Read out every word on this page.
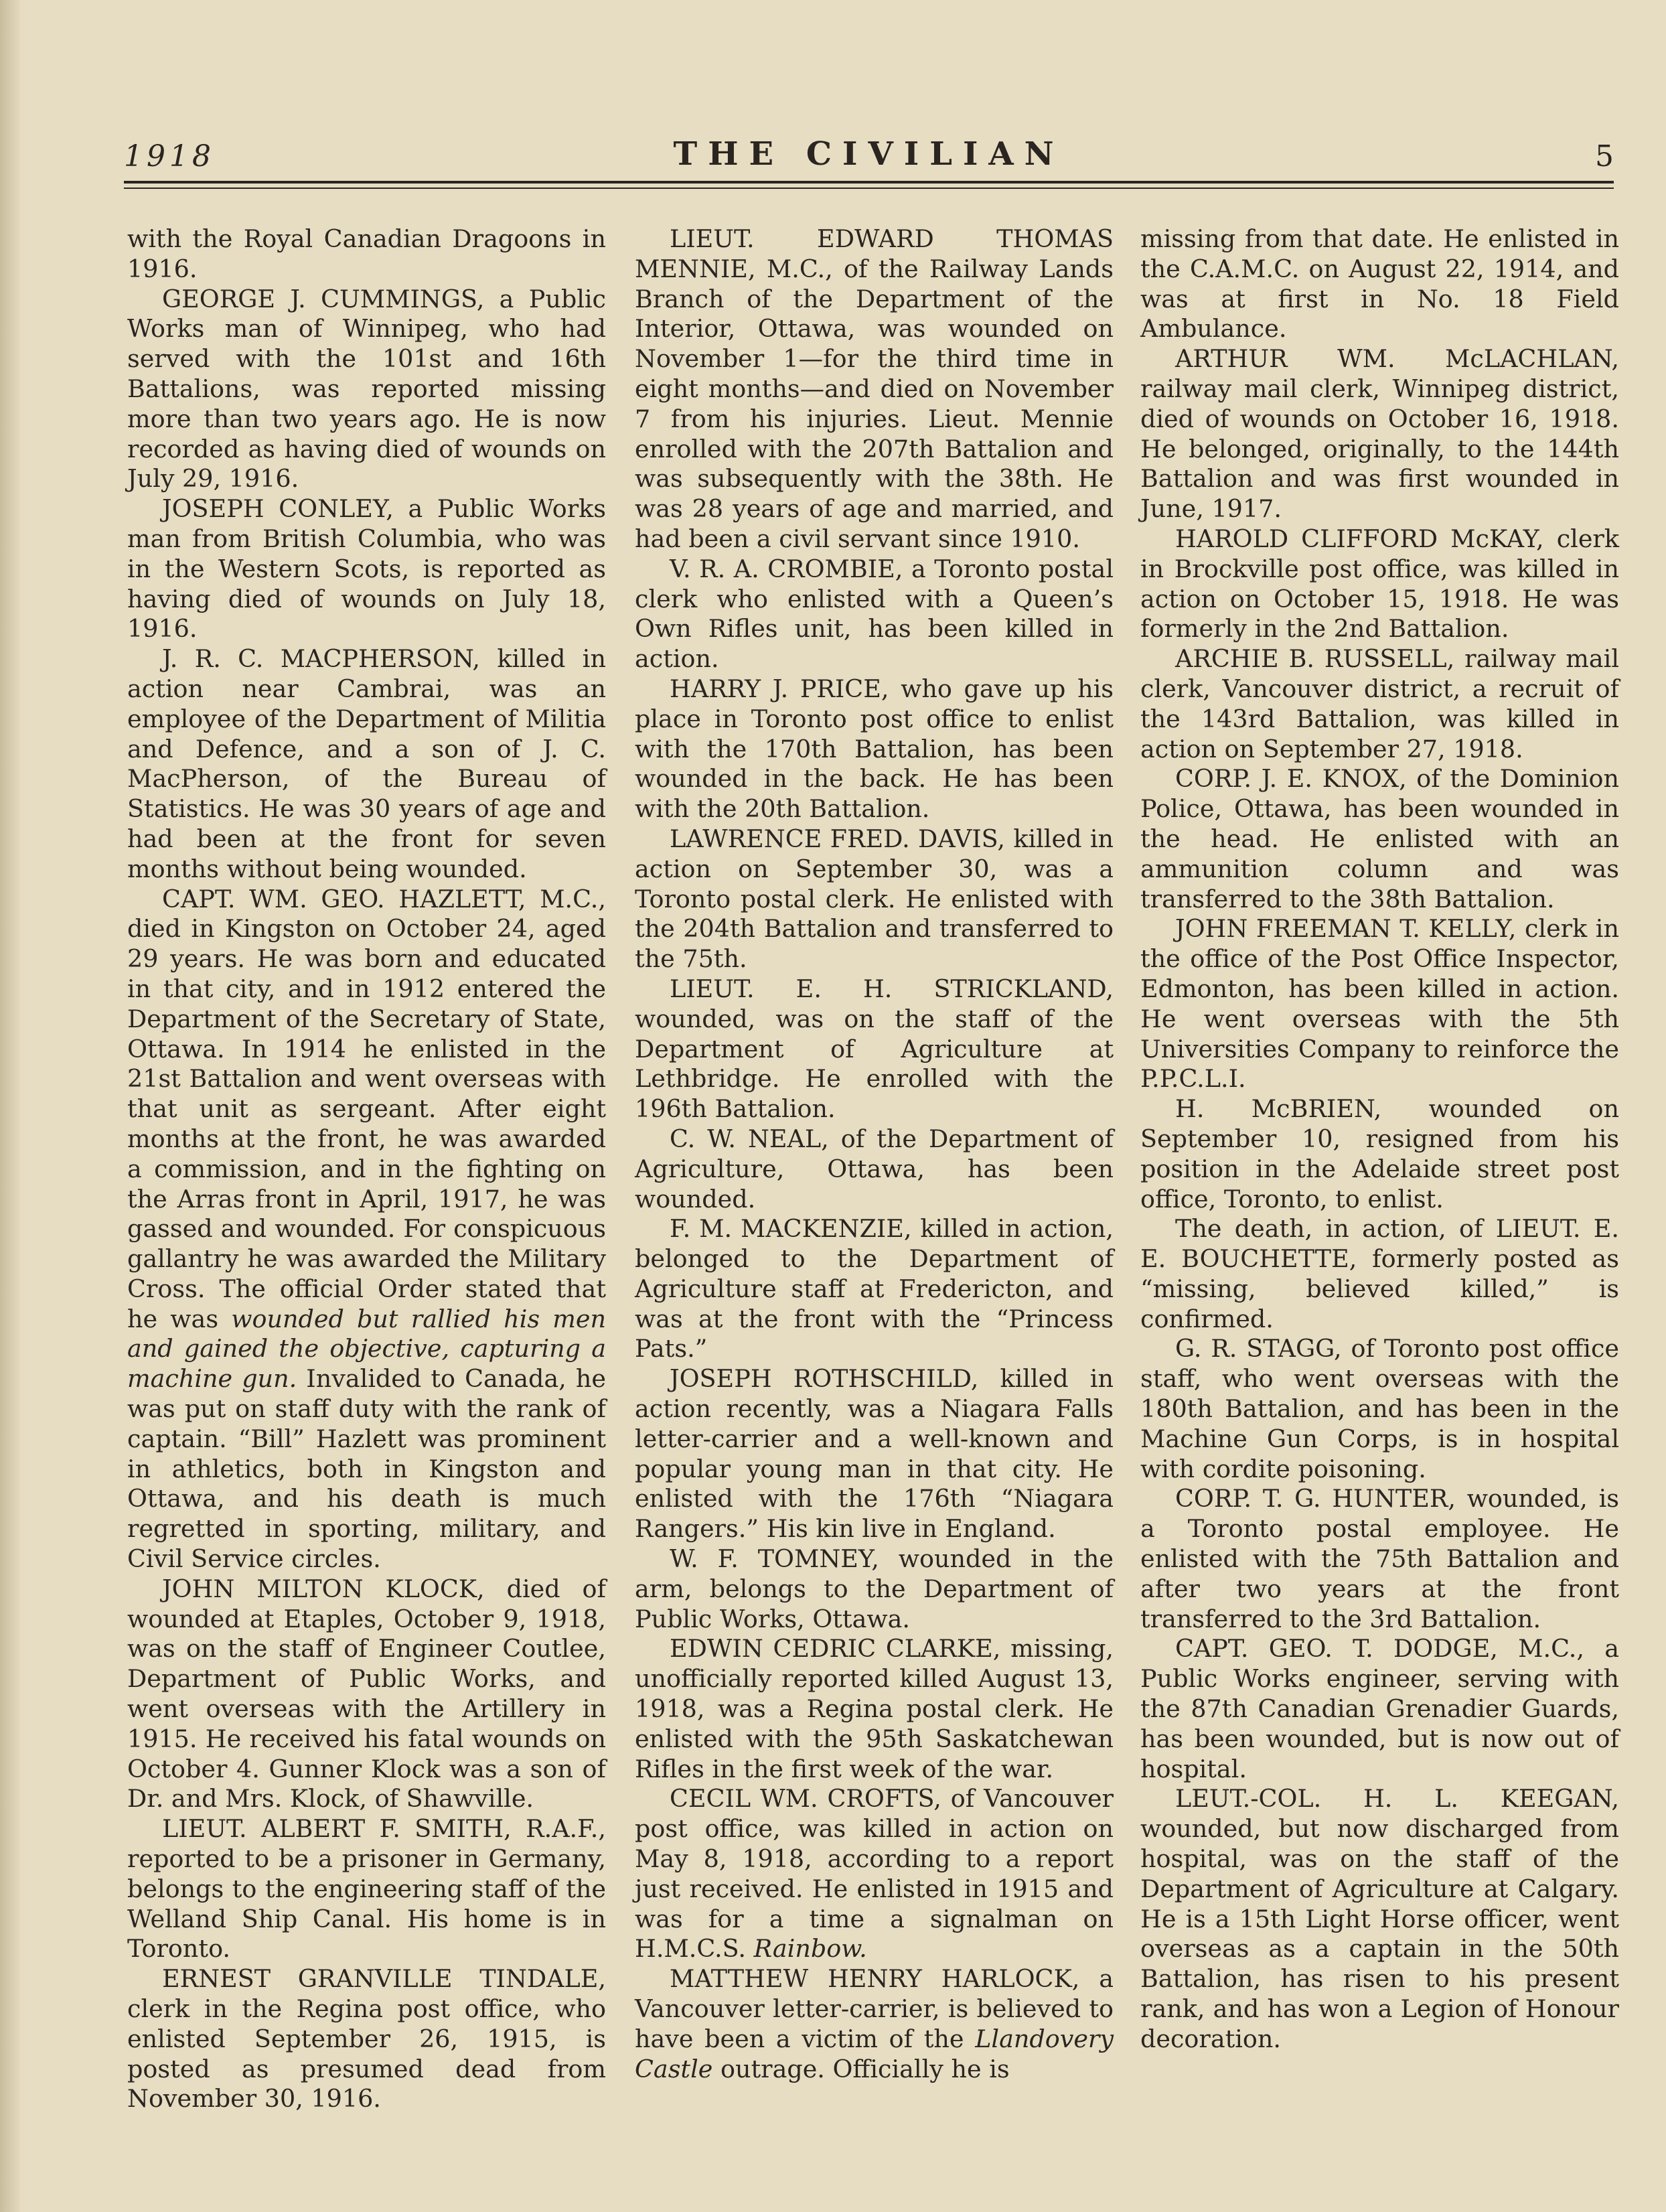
1918	THE CIVILIAN	5

with the Royal Canadian Dragoons in 1916.

GEORGE J. CUMMINGS, a Public Works man of Winnipeg, who had served with the 101st and 16th Battalions, was reported missing more than two years ago. He is now recorded as having died of wounds on July 29, 1916.

JOSEPH CONLEY, a Public Works man from British Columbia, who was in the Western Scots, is reported as having died of wounds on July 18, 1916.

J. R. C. MACPHERSON, killed in action near Cambrai, was an employee of the Department of Militia and Defence, and a son of J. C. MacPherson, of the Bureau of Statistics. He was 30 years of age and had been at the front for seven months without being wounded.

CAPT. WM. GEO. HAZLETT, M.C., died in Kingston on October 24, aged 29 years. He was born and educated in that city, and in 1912 entered the Department of the Secretary of State, Ottawa. In 1914 he enlisted in the 21st Battalion and went overseas with that unit as sergeant. After eight months at the front, he was awarded a commission, and in the fighting on the Arras front in April, 1917, he was gassed and wounded. For conspicuous gallantry he was awarded the Military Cross. The official Order stated that he was wounded but rallied his men and gained the objective, capturing a machine gun. Invalided to Canada, he was put on staff duty with the rank of captain. “Bill” Hazlett was prominent in athletics, both in Kingston and Ottawa, and his death is much regretted in sporting, military, and Civil Service circles.

JOHN MILTON KLOCK, died of wounded at Etaples, October 9, 1918, was on the staff of Engineer Coutlee, Department of Public Works, and went overseas with the Artillery in 1915. He received his fatal wounds on October 4. Gunner Klock was a son of Dr. and Mrs. Klock, of Shawville.

LIEUT. ALBERT F. SMITH, R.A.F., reported to be a prisoner in Germany, belongs to the engineering staff of the Welland Ship Canal. His home is in Toronto.

ERNEST GRANVILLE TINDALE, clerk in the Regina post office, who enlisted September 26, 1915, is posted as presumed dead from November 30, 1916.

LIEUT. EDWARD THOMAS MENNIE, M.C., of the Railway Lands Branch of the Department of the Interior, Ottawa, was wounded on November 1—for the third time in eight months—and died on November 7 from his injuries. Lieut. Mennie enrolled with the 207th Battalion and was subsequently with the 38th. He was 28 years of age and married, and had been a civil servant since 1910.

V. R. A. CROMBIE, a Toronto postal clerk who enlisted with a Queen’s Own Rifles unit, has been killed in action.

HARRY J. PRICE, who gave up his place in Toronto post office to enlist with the 170th Battalion, has been wounded in the back. He has been with the 20th Battalion.

LAWRENCE FRED. DAVIS, killed in action on September 30, was a Toronto postal clerk. He enlisted with the 204th Battalion and transferred to the 75th.

LIEUT. E. H. STRICKLAND, wounded, was on the staff of the Department of Agriculture at Lethbridge. He enrolled with the 196th Battalion.

C. W. NEAL, of the Department of Agriculture, Ottawa, has been wounded.

F. M. MACKENZIE, killed in action, belonged to the Department of Agriculture staff at Fredericton, and was at the front with the “Princess Pats.”

JOSEPH ROTHSCHILD, killed in action recently, was a Niagara Falls letter-carrier and a well-known and popular young man in that city. He enlisted with the 176th “Niagara Rangers.” His kin live in England.

W. F. TOMNEY, wounded in the arm, belongs to the Department of Public Works, Ottawa.

EDWIN CEDRIC CLARKE, missing, unofficially reported killed August 13, 1918, was a Regina postal clerk. He enlisted with the 95th Saskatchewan Rifles in the first week of the war.

CECIL WM. CROFTS, of Vancouver post office, was killed in action on May 8, 1918, according to a report just received. He enlisted in 1915 and was for a time a signalman on H.M.C.S. Rainbow.

MATTHEW HENRY HARLOCK, a Vancouver letter-carrier, is believed to have been a victim of the Llandovery Castle outrage. Officially he is

missing from that date. He enlisted in the C.A.M.C. on August 22, 1914, and was at first in No. 18 Field Ambulance.

ARTHUR WM. McLACHLAN, railway mail clerk, Winnipeg district, died of wounds on October 16, 1918. He belonged, originally, to the 144th Battalion and was first wounded in June, 1917.

HAROLD CLIFFORD McKAY, clerk in Brockville post office, was killed in action on October 15, 1918. He was formerly in the 2nd Battalion.

ARCHIE B. RUSSELL, railway mail clerk, Vancouver district, a recruit of the 143rd Battalion, was killed in action on September 27, 1918.

CORP. J. E. KNOX, of the Dominion Police, Ottawa, has been wounded in the head. He enlisted with an ammunition column and was transferred to the 38th Battalion.

JOHN FREEMAN T. KELLY, clerk in the office of the Post Office Inspector, Edmonton, has been killed in action. He went overseas with the 5th Universities Company to reinforce the P.P.C.L.I.

H. McBRIEN, wounded on September 10, resigned from his position in the Adelaide street post office, Toronto, to enlist.

The death, in action, of LIEUT. E. E. BOUCHETTE, formerly posted as “missing, believed killed,” is confirmed.

G. R. STAGG, of Toronto post office staff, who went overseas with the 180th Battalion, and has been in the Machine Gun Corps, is in hospital with cordite poisoning.

CORP. T. G. HUNTER, wounded, is a Toronto postal employee. He enlisted with the 75th Battalion and after two years at the front transferred to the 3rd Battalion.

CAPT. GEO. T. DODGE, M.C., a Public Works engineer, serving with the 87th Canadian Grenadier Guards, has been wounded, but is now out of hospital.

LEUT.-COL. H. L. KEEGAN, wounded, but now discharged from hospital, was on the staff of the Department of Agriculture at Calgary. He is a 15th Light Horse officer, went overseas as a captain in the 50th Battalion, has risen to his present rank, and has won a Legion of Honour decoration.
